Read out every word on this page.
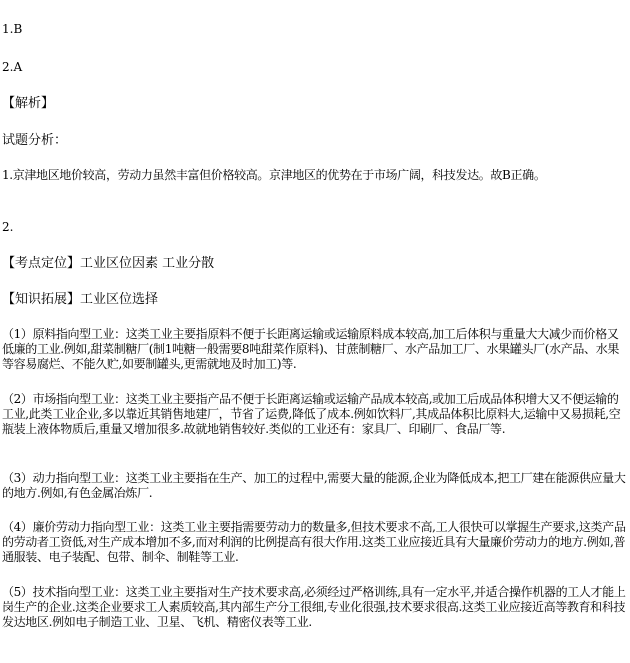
1.B
2.A
【解析】
试题分析：
1.京津地区地价较高，劳动力虽然丰富但价格较高。京津地区的优势在于市场广阔，科技发达。故B正确。
2.
【考点定位】工业区位因素 工业分散
【知识拓展】工业区位选择
（1）原料指向型工业：这类工业主要指原料不便于长距离运输或运输原料成本较高,加工后体积与重量大大减少而价格又低廉的工业.例如,甜菜制糖厂(制1吨糖一般需要8吨甜菜作原料)、甘蔗制糖厂、水产品加工厂、水果罐头厂(水产品、水果等容易腐烂、不能久贮,如要制罐头,更需就地及时加工)等.
（2）市场指向型工业：这类工业主要指产品不便于长距离运输或运输产品成本较高,或加工后成品体积增大又不便运输的工业,此类工业企业,多以靠近其销售地建厂，节省了运费,降低了成本.例如饮料厂,其成品体积比原料大,运输中又易损耗,空瓶装上液体物质后,重量又增加很多.故就地销售较好.类似的工业还有：家具厂、印刷厂、食品厂等.
（3）动力指向型工业：这类工业主要指在生产、加工的过程中,需要大量的能源,企业为降低成本,把工厂建在能源供应量大的地方.例如,有色金属冶炼厂.
（4）廉价劳动力指向型工业：这类工业主要指需要劳动力的数量多,但技术要求不高,工人很快可以掌握生产要求,这类产品的劳动者工资低,对生产成本增加不多,而对利润的比例提高有很大作用.这类工业应接近具有大量廉价劳动力的地方.例如,普通服装、电子装配、包带、制伞、制鞋等工业.
（5）技术指向型工业：这类工业主要指对生产技术要求高,必须经过严格训练,具有一定水平,并适合操作机器的工人才能上岗生产的企业.这类企业要求工人素质较高,其内部生产分工很细,专业化很强,技术要求很高.这类工业应接近高等教育和科技发达地区.例如电子制造工业、卫星、飞机、精密仪表等工业.
